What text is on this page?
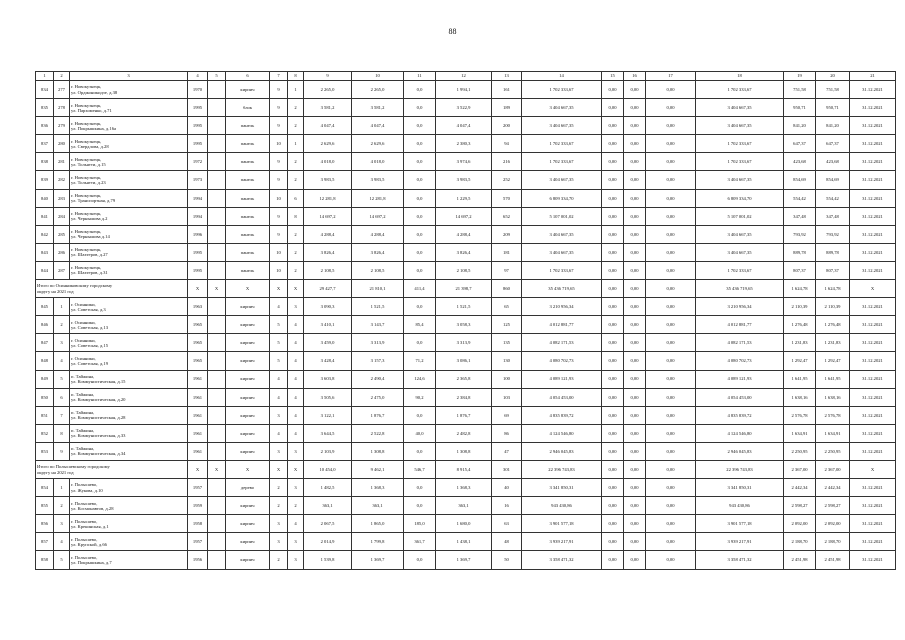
88
1	2	3	4	5	6	7	8	9	10	11	12	13	14	15	16	17	18	19	20	21
834	277	г. Новокузнецк,
ул. Орджоникидзе, д.38	1970		кирпич	9	1	2 265,0	2 265,0	0,0	1 994,1	161	1 702 333,67	0,00	0,00	0,00	1 702 333,67	751,58	751,58	31.12.2021
835	278	г. Новокузнецк,
ул. Пархоменко, д.71	1995		блок	9	2	3 581,2	3 581,2	0,0	3 522,9	189	3 404 667,35	0,00	0,00	0,00	3 404 667,35	950,71	950,71	31.12.2021
836	279	г. Новокузнецк,
ул. Покрышкина, д.16а	1995		панель	9	2	4 047,4	4 047,4	0,0	4 047,4	200	3 404 667,35	0,00	0,00	0,00	3 404 667,35	841,20	841,20	31.12.2021
837	280	г. Новокузнецк,
ул. Свердлова, д.28	1995		панель	10	1	2 629,6	2 629,6	0,0	2 380,3	94	1 702 333,67	0,00	0,00	0,00	1 702 333,67	647,37	647,37	31.12.2021
838	281	г. Новокузнецк,
ул. Тольятти, д.15	1972		панель	9	2	4 018,0	4 018,0	0,0	3 974,6	216	1 702 333,67	0,00	0,00	0,00	1 702 333,67	423,68	423,68	31.12.2021
839	282	г. Новокузнецк,
ул. Тольятти, д.23	1973		панель	9	2	3 983,5	3 983,5	0,0	3 983,5	252	3 404 667,35	0,00	0,00	0,00	3 404 667,35	854,69	854,69	31.12.2021
840	283	г. Новокузнецк,
ул. Транспортная, д.79	1994		панель	10	6	12 281,8	12 281,8	0,0	1 229,5	570	6 809 334,70	0,00	0,00	0,00	6 809 334,70	554,42	554,42	31.12.2021
841	284	г. Новокузнецк,
ул. Чернышова д.2	1994		панель	9	8	14 697,2	14 697,2	0,0	14 697,2	652	5 107 001,02	0,00	0,00	0,00	5 107 001,02	347,48	347,48	31.12.2021
842	285	г. Новокузнецк,
ул. Чернышова д.14	1996		панель	9	2	4 288,4	4 288,4	0,0	4 288,4	209	3 404 667,35	0,00	0,00	0,00	3 404 667,35	793,92	793,92	31.12.2021
843	286	г. Новокузнецк,
ул. Шахтеров, д.27	1995		панель	10	2	3 826,4	3 826,4	0,0	3 826,4	181	3 404 667,35	0,00	0,00	0,00	3 404 667,35	889,78	889,78	31.12.2021
844	287	г. Новокузнецк,
ул. Шахтеров, д.31	1995		панель	10	2	2 108,5	2 108,5	0,0	2 108,5	97	1 702 333,67	0,00	0,00	0,00	1 702 333,67	807,37	807,37	31.12.2021

Итого по Осинниковскому городскому
округу на 2021 год			X	X	X	X	X	29 427,7	21 810,1	411,4	21 398,7	860	35 436 719,65	0,00	0,00	0,00	35 436 719,65	1 624,78	1 624,78	X
845	1	г. Осинники,
ул. Советская, д.3	1963		кирпич	4	3	3 090,3	1 521,5	0,0	1 521,5	65	3 210 956,34	0,00	0,00	0,00	3 210 956,34	2 110,39	2 110,39	31.12.2021
846	2	г. Осинники,
ул. Советская, д.13	1965		кирпич	5	4	3 410,1	3 143,7	85,4	3 058,3	125	4 012 881,77	0,00	0,00	0,00	4 012 881,77	1 276,48	1 276,48	31.12.2021
847	3	г. Осинники,
ул. Советская, д.15	1965		кирпич	5	4	3 459,0	3 313,9	0,0	3 313,9	135	4 082 171,53	0,00	0,00	0,00	4 082 171,53	1 231,83	1 231,83	31.12.2021
848	4	г. Осинники,
ул. Советская, д.19	1965		кирпич	5	4	3 428,4	3 157,3	71,2	3 086,1	130	4 080 702,73	0,00	0,00	0,00	4 080 702,73	1 292,47	1 292,47	31.12.2021
849	5	п. Тайжина,
ул. Коммунистическая, д.15	1961		кирпич	4	4	3 603,8	2 490,4	124,6	2 365,8	100	4 089 121,93	0,00	0,00	0,00	4 089 121,93	1 641,95	1 641,95	31.12.2021
850	6	п. Тайжина,
ул. Коммунистическая, д.20	1961		кирпич	4	4	3 505,6	2 475,0	90,2	2 384,8	103	4 054 453,00	0,00	0,00	0,00	4 054 453,00	1 638,16	1 638,16	31.12.2021
851	7	п. Тайжина,
ул. Коммунистическая, д.28	1961		кирпич	3	4	3 122,1	1 876,7	0,0	1 876,7	69	4 835 839,72	0,00	0,00	0,00	4 835 839,72	2 576,78	2 576,78	31.12.2021
852	8	п. Тайжина,
ул. Коммунистическая, д.33	1961		кирпич	4	4	3 644,5	2 522,8	40,0	2 482,8	86	4 124 546,80	0,00	0,00	0,00	4 124 546,80	1 634,91	1 634,91	31.12.2021
853	9	п. Тайжина,
ул. Коммунистическая, д.34	1961		кирпич	3	3	2 103,9	1 308,8	0,0	1 308,8	47	2 946 045,83	0,00	0,00	0,00	2 946 045,83	2 250,95	2 250,95	31.12.2021

Итого по Полысаевскому городскому
округу на 2021 год			X	X	X	X	X	10 454,0	9 462,1	546,7	8 915,4	301	22 396 743,83	0,00	0,00	0,00	22 396 743,83	2 367,00	2 367,00	X
854	1	г. Полысаево,
ул. Жукова, д.10	1957		дерево	2	3	1 482,5	1 368,3	0,0	1 368,3	40	3 341 850,31	0,00	0,00	0,00	3 341 850,31	2 442,34	2 442,34	31.12.2021
855	2	г. Полысаево,
ул. Космонавтов, д.28	1959		кирпич	2	2	363,1	363,1	0,0	363,1	16	943 430,86	0,00	0,00	0,00	943 430,86	2 598,27	2 598,27	31.12.2021
856	3	г. Полысаево,
ул. Крекинская, д.1	1958		кирпич	3	4	2 067,5	1 865,0	185,0	1 680,0	63	3 901 577,18	0,00	0,00	0,00	3 901 577,18	2 092,00	2 092,00	31.12.2021
857	4	г. Полысаево,
ул. Крупской, д.66	1957		кирпич	3	3	2 014,9	1 799,8	361,7	1 438,1	48	3 939 217,91	0,00	0,00	0,00	3 939 217,91	2 188,70	2 188,70	31.12.2021
858	5	г. Полысаево,
ул. Покрышкина, д.7	1956		кирпич	2	3	1 539,8	1 369,7	0,0	1 369,7	50	3 358 471,32	0,00	0,00	0,00	3 358 471,32	2 451,98	2 451,98	31.12.2021
